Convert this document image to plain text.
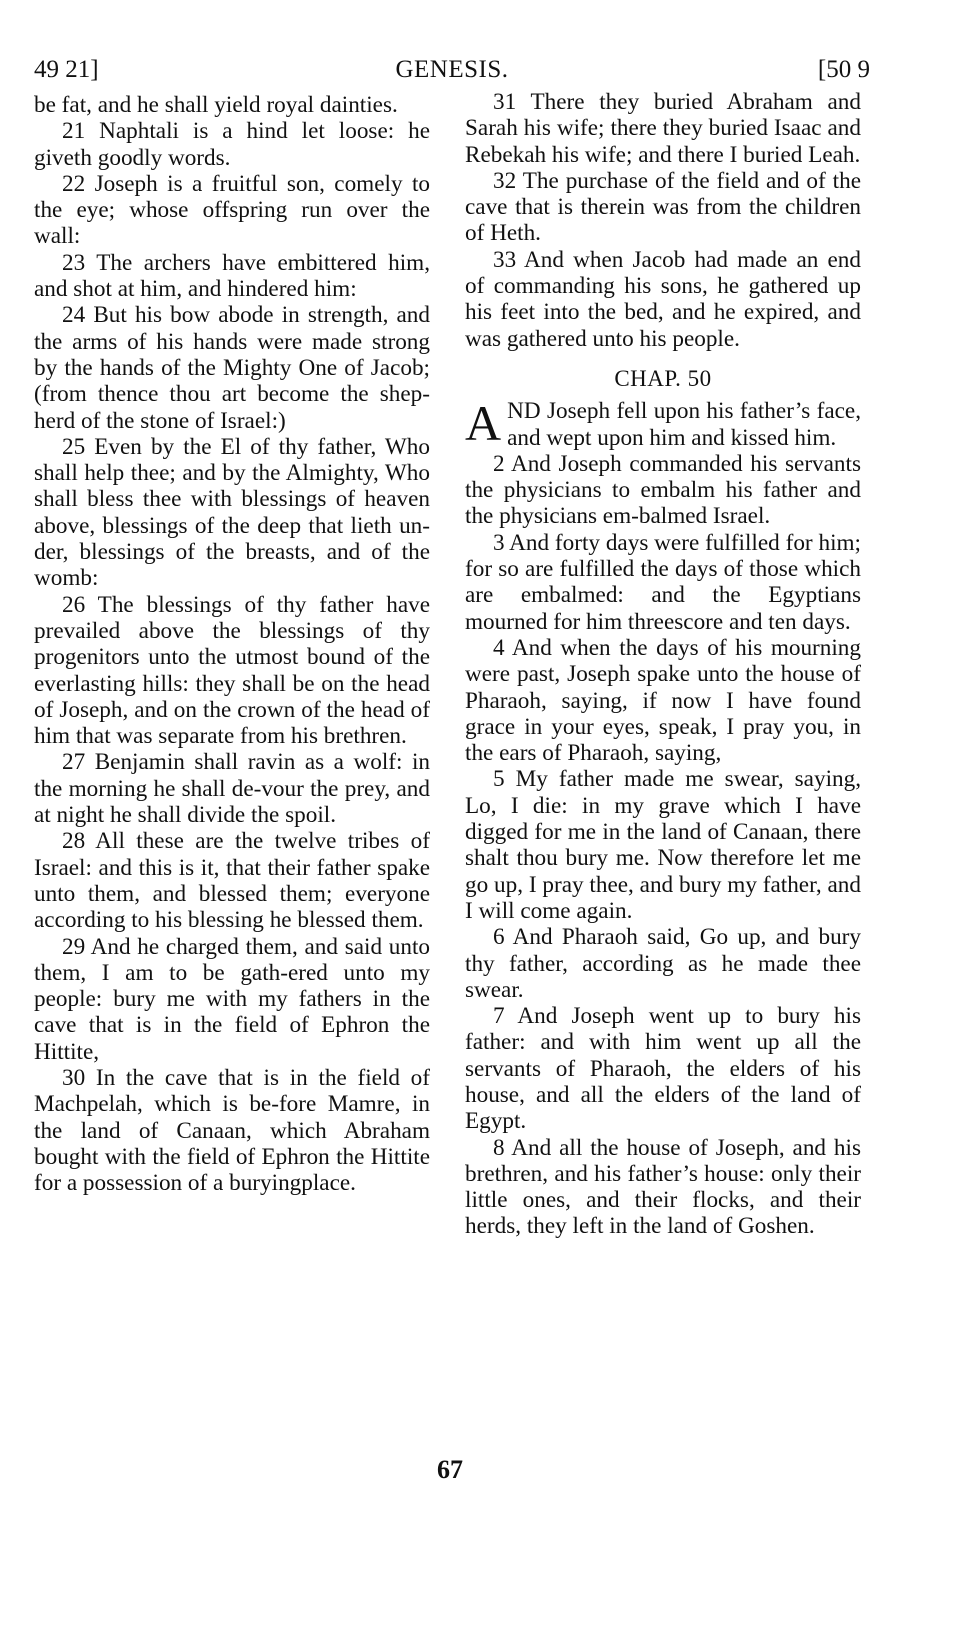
49 21]	GENESIS.	[50 9

be fat, and he shall yield royal dainties.

21 Naphtali is a hind let loose: he giveth goodly words.

22 Joseph is a fruitful son, comely to the eye; whose offspring run over the wall:

23 The archers have embittered him, and shot at him, and hindered him:

24 But his bow abode in strength, and the arms of his hands were made strong by the hands of the Mighty One of Jacob; (from thence thou art become the shep-herd of the stone of Israel:)

25 Even by the El of thy father, Who shall help thee; and by the Almighty, Who shall bless thee with blessings of heaven above, blessings of the deep that lieth un-der, blessings of the breasts, and of the womb:

26 The blessings of thy father have prevailed above the blessings of thy progenitors unto the utmost bound of the everlasting hills: they shall be on the head of Joseph, and on the crown of the head of him that was separate from his brethren.

27 Benjamin shall ravin as a wolf: in the morning he shall de-vour the prey, and at night he shall divide the spoil.

28 All these are the twelve tribes of Israel: and this is it, that their father spake unto them, and blessed them; everyone according to his blessing he blessed them.

29 And he charged them, and said unto them, I am to be gath-ered unto my people: bury me with my fathers in the cave that is in the field of Ephron the Hittite,

30 In the cave that is in the field of Machpelah, which is be-fore Mamre, in the land of Canaan, which Abraham bought with the field of Ephron the Hittite for a possession of a buryingplace.

31 There they buried Abraham and Sarah his wife; there they buried Isaac and Rebekah his wife; and there I buried Leah.

32 The purchase of the field and of the cave that is therein was from the children of Heth.

33 And when Jacob had made an end of commanding his sons, he gathered up his feet into the bed, and he expired, and was gathered unto his people.

CHAP. 50

A ND Joseph fell upon his father’s face, and wept upon him and kissed him.

2 And Joseph commanded his servants the physicians to embalm his father and the physicians em-balmed Israel.

3 And forty days were fulfilled for him; for so are fulfilled the days of those which are embalmed: and the Egyptians mourned for him threescore and ten days.

4 And when the days of his mourning were past, Joseph spake unto the house of Pharaoh, saying, if now I have found grace in your eyes, speak, I pray you, in the ears of Pharaoh, saying,

5 My father made me swear, saying, Lo, I die: in my grave which I have digged for me in the land of Canaan, there shalt thou bury me. Now therefore let me go up, I pray thee, and bury my father, and I will come again.

6 And Pharaoh said, Go up, and bury thy father, according as he made thee swear.

7 And Joseph went up to bury his father: and with him went up all the servants of Pharaoh, the elders of his house, and all the elders of the land of Egypt.

8 And all the house of Joseph, and his brethren, and his father’s house: only their little ones, and their flocks, and their herds, they left in the land of Goshen.

67
